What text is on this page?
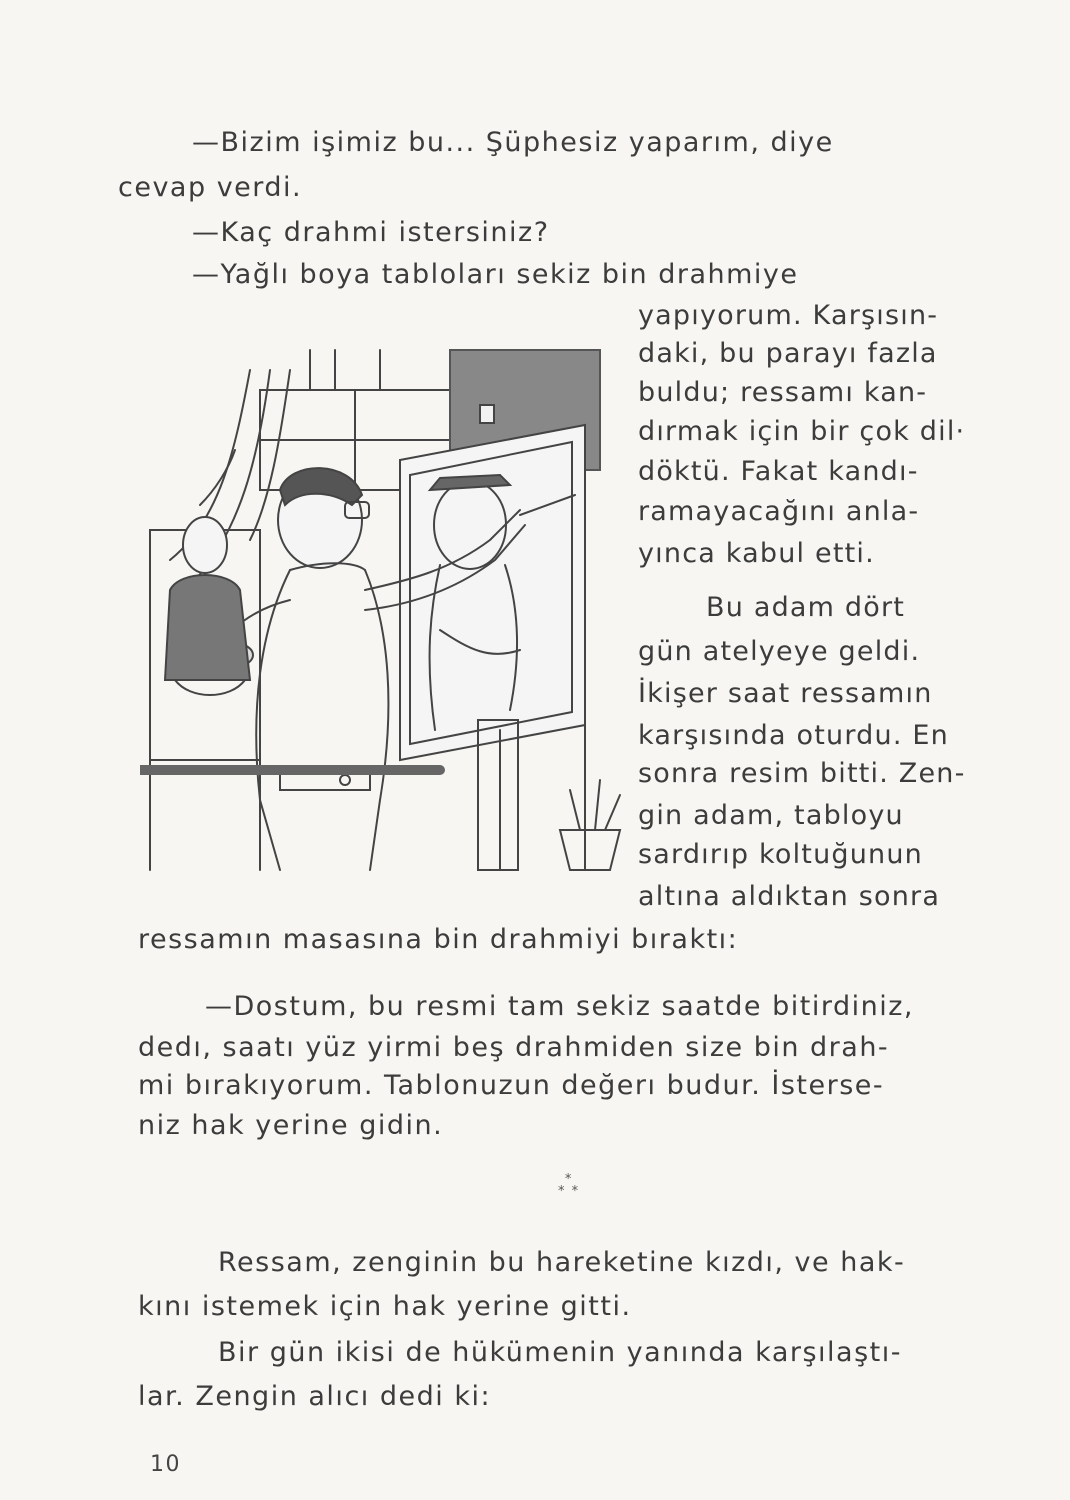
—Bizim işimiz bu... Şüphesiz yaparım, diye
cevap verdi.
—Kaç drahmi istersiniz?
—Yağlı boya tabloları sekiz bin drahmiye
yapıyorum. Karşısın-
daki, bu parayı fazla
buldu; ressamı kan-
dırmak için bir çok dil·
döktü. Fakat kandı-
ramayacağını anla-
yınca kabul etti.
Bu adam dört
gün atelyeye geldi.
İkişer saat ressamın
karşısında oturdu. En
sonra resim bitti. Zen-
gin adam, tabloyu
sardırıp koltuğunun
altına aldıktan sonra
ressamın masasına bin drahmiyi bıraktı:
—Dostum, bu resmi tam sekiz saatde bitirdiniz,
dedı, saatı yüz yirmi beş drahmiden size bin drah-
mi bırakıyorum. Tablonuzun değerı budur. İsterse-
niz hak yerine gidin.
*
* *
Ressam, zenginin bu hareketine kızdı, ve hak-
kını istemek için hak yerine gitti.
Bir gün ikisi de hükümenin yanında karşılaştı-
lar. Zengin alıcı dedi ki:
10
